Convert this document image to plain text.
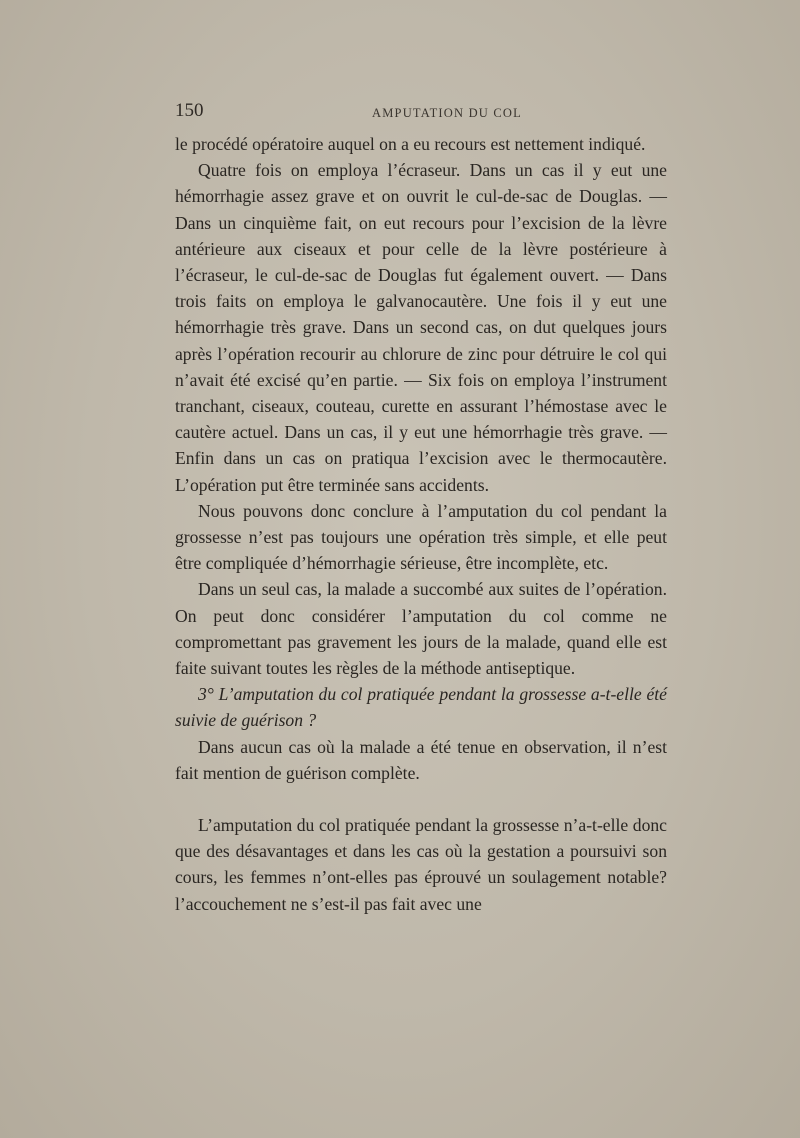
150	AMPUTATION DU COL

le procédé opératoire auquel on a eu recours est nettement indiqué.

Quatre fois on employa l’écraseur. Dans un cas il y eut une hémorrhagie assez grave et on ouvrit le cul-de-sac de Douglas. — Dans un cinquième fait, on eut recours pour l’excision de la lèvre antérieure aux ciseaux et pour celle de la lèvre postérieure à l’écraseur, le cul-de-sac de Douglas fut également ouvert. — Dans trois faits on employa le galvanocautère. Une fois il y eut une hémorrhagie très grave. Dans un second cas, on dut quelques jours après l’opération recourir au chlorure de zinc pour détruire le col qui n’avait été excisé qu’en partie. — Six fois on employa l’instrument tranchant, ciseaux, couteau, curette en assurant l’hémostase avec le cautère actuel. Dans un cas, il y eut une hémorrhagie très grave. — Enfin dans un cas on pratiqua l’excision avec le thermocautère. L’opération put être terminée sans accidents.

Nous pouvons donc conclure à l’amputation du col pendant la grossesse n’est pas toujours une opération très simple, et elle peut être compliquée d’hémorrhagie sérieuse, être incomplète, etc.

Dans un seul cas, la malade a succombé aux suites de l’opération. On peut donc considérer l’amputation du col comme ne compromettant pas gravement les jours de la malade, quand elle est faite suivant toutes les règles de la méthode antiseptique.

3° L’amputation du col pratiquée pendant la grossesse a-t-elle été suivie de guérison ?

Dans aucun cas où la malade a été tenue en observation, il n’est fait mention de guérison complète.

L’amputation du col pratiquée pendant la grossesse n’a-t-elle donc que des désavantages et dans les cas où la gestation a poursuivi son cours, les femmes n’ont-elles pas éprouvé un soulagement notable? l’accouchement ne s’est-il pas fait avec une
